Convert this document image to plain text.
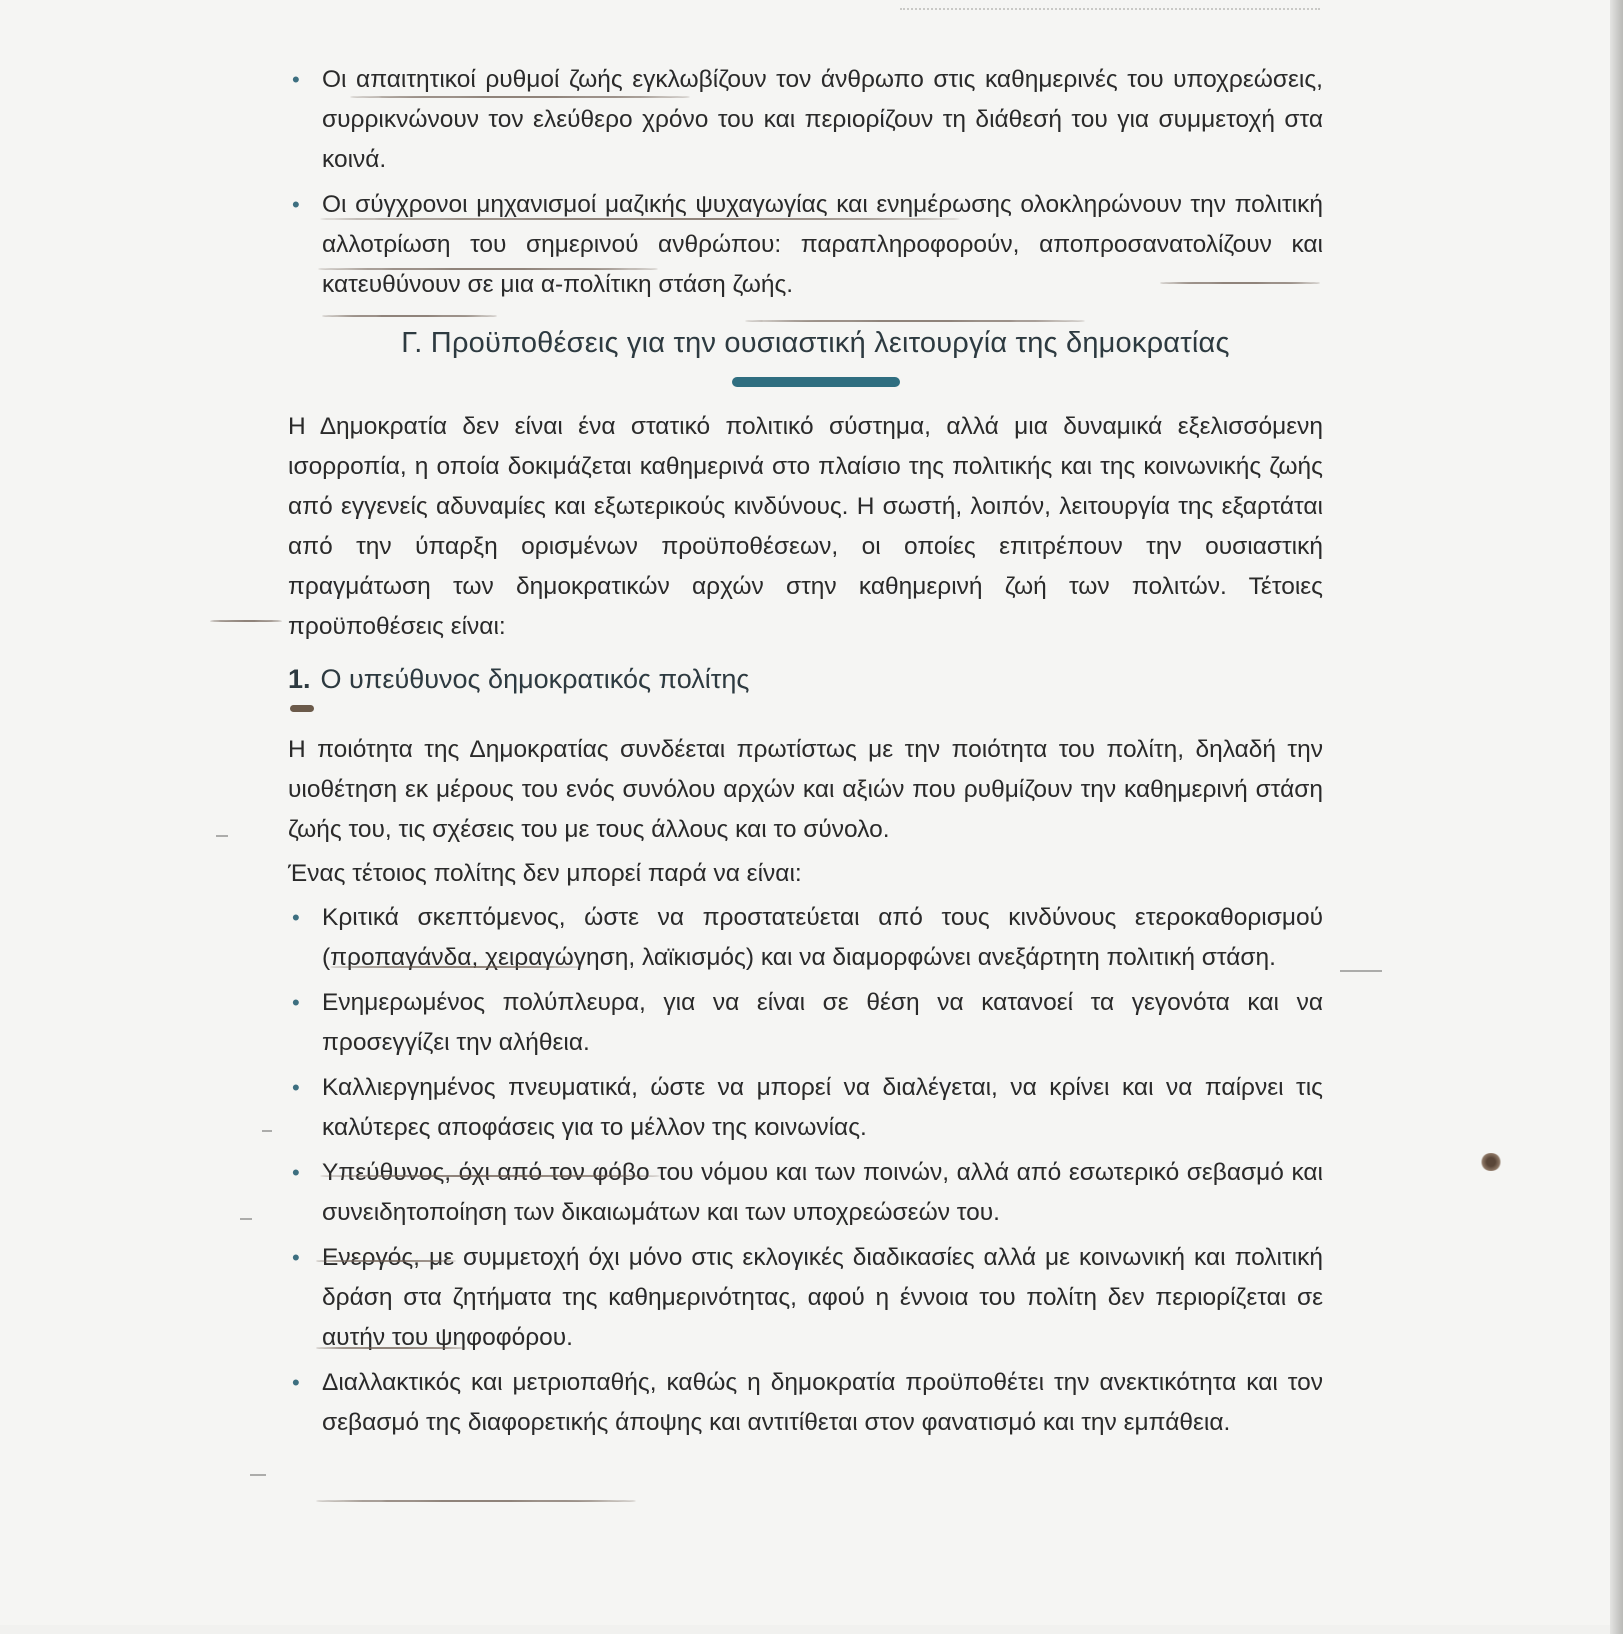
• Οι απαιτητικοί ρυθμοί ζωής εγκλωβίζουν τον άνθρωπο στις καθημερινές του υποχρεώσεις, συρρικνώνουν τον ελεύθερο χρόνο του και περιορίζουν τη διάθεσή του για συμμετοχή στα κοινά.
• Οι σύγχρονοι μηχανισμοί μαζικής ψυχαγωγίας και ενημέρωσης ολοκληρώνουν την πολιτική αλλοτρίωση του σημερινού ανθρώπου: παραπληροφορούν, αποπροσανατολίζουν και κατευθύνουν σε μια α-πολίτικη στάση ζωής.
Γ. Προϋποθέσεις για την ουσιαστική λειτουργία της δημοκρατίας

Η Δημοκρατία δεν είναι ένα στατικό πολιτικό σύστημα, αλλά μια δυναμικά εξελισσόμενη ισορροπία, η οποία δοκιμάζεται καθημερινά στο πλαίσιο της πολιτικής και της κοινωνικής ζωής από εγγενείς αδυναμίες και εξωτερικούς κινδύνους. Η σωστή, λοιπόν, λειτουργία της εξαρτάται από την ύπαρξη ορισμένων προϋποθέσεων, οι οποίες επιτρέπουν την ουσιαστική πραγμάτωση των δημοκρατικών αρχών στην καθημερινή ζωή των πολιτών. Τέτοιες προϋποθέσεις είναι:

1. Ο υπεύθυνος δημοκρατικός πολίτης

Η ποιότητα της Δημοκρατίας συνδέεται πρωτίστως με την ποιότητα του πολίτη, δηλαδή την υιοθέτηση εκ μέρους του ενός συνόλου αρχών και αξιών που ρυθμίζουν την καθημερινή στάση ζωής του, τις σχέσεις του με τους άλλους και το σύνολο.

Ένας τέτοιος πολίτης δεν μπορεί παρά να είναι:

• Κριτικά σκεπτόμενος, ώστε να προστατεύεται από τους κινδύνους ετεροκαθορισμού (προπαγάνδα, χειραγώγηση, λαϊκισμός) και να διαμορφώνει ανεξάρτητη πολιτική στάση.
• Ενημερωμένος πολύπλευρα, για να είναι σε θέση να κατανοεί τα γεγονότα και να προσεγγίζει την αλήθεια.
• Καλλιεργημένος πνευματικά, ώστε να μπορεί να διαλέγεται, να κρίνει και να παίρνει τις καλύτερες αποφάσεις για το μέλλον της κοινωνίας.
• Υπεύθυνος, όχι από τον φόβο του νόμου και των ποινών, αλλά από εσωτερικό σεβασμό και συνειδητοποίηση των δικαιωμάτων και των υποχρεώσεών του.
• Ενεργός, με συμμετοχή όχι μόνο στις εκλογικές διαδικασίες αλλά με κοινωνική και πολιτική δράση στα ζητήματα της καθημερινότητας, αφού η έννοια του πολίτη δεν περιορίζεται σε αυτήν του ψηφοφόρου.
• Διαλλακτικός και μετριοπαθής, καθώς η δημοκρατία προϋποθέτει την ανεκτικότητα και τον σεβασμό της διαφορετικής άποψης και αντιτίθεται στον φανατισμό και την εμπάθεια.
